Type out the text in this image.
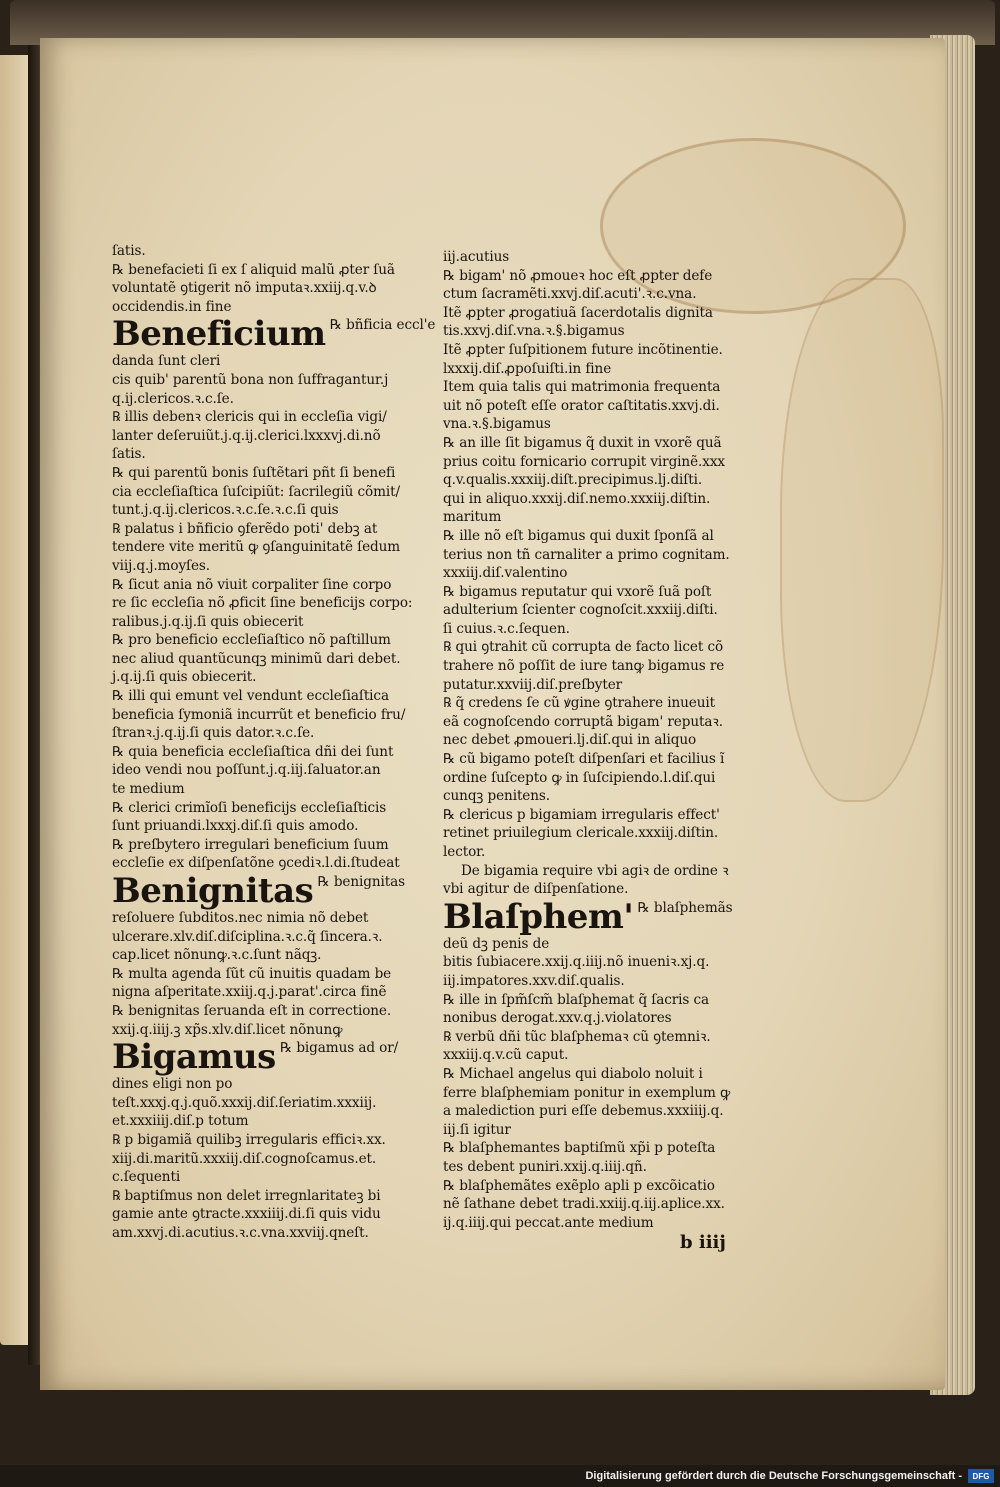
ſatis.
℞ benefacieti ſi ex ſ aliquid malũ ꝓter ſuã
voluntatẽ ꝯtigerit nõ imputaꝛ.xxiij.q.v.ꝺ
occidendis.in fine
Beneficium ℞ bñficia eccl'e
danda ſunt cleri
cis quib' parentũ bona non ſuffragantur.j
q.ij.clericos.ꝛ.c.ſe.
℞ illis debenꝛ clericis qui in eccleſia vigi/
lanter deſeruiũt.j.q.ij.clerici.lxxxvj.di.nõ
ſatis.
℞ qui parentũ bonis ſuſtẽtari pñt ſi benefi
cia eccleſiaſtica ſuſcipiũt: ſacrilegiũ cõmit/
tunt.j.q.ij.clericos.ꝛ.c.ſe.ꝛ.c.ſi quis
℞ palatus i bñficio ꝯferẽdo poti' debꝫ at
tendere vite meritũ ꝙ ꝯſanguinitatẽ ſedum
viij.q.j.moyſes.
℞ ſicut ania nõ viuit corpaliter ſine corpo
re ſic eccleſia nõ ꝓficit ſine beneficijs corpo:
ralibus.j.q.ij.ſi quis obiecerit
℞ pro beneficio eccleſiaſtico nõ paſtillum
nec aliud quantũcunqꝫ minimũ dari debet.
j.q.ij.ſi quis obiecerit.
℞ illi qui emunt vel vendunt eccleſiaſtica
beneficia ſymoniã incurrũt et beneficio fru/
ſtranꝛ.j.q.ij.ſi quis dator.ꝛ.c.ſe.
℞ quia beneficia eccleſiaſtica dñi dei ſunt
ideo vendi nou poſſunt.j.q.iij.ſaluator.an
te medium
℞ clerici crimĩoſi beneficijs eccleſiaſticis
ſunt priuandi.lxxxj.diſ.ſi quis amodo.
℞ preſbytero irregulari beneficium ſuum
eccleſie ex diſpenſatõne ꝯcediꝛ.l.di.ſtudeat
Benignitas ℞ benignitas
reſoluere ſubditos.nec nimia nõ debet
ulcerare.xlv.diſ.diſciplina.ꝛ.c.q̃ ſincera.ꝛ.
cap.licet nõnunꝙ.ꝛ.c.ſunt nãqꝫ.
℞ multa agenda ſũt cũ inuitis quadam be
nigna aſperitate.xxiij.q.j.parat'.circa finẽ
℞ benignitas ſeruanda eſt in correctione.
xxij.q.iiij.ꝫ xp̃s.xlv.diſ.licet nõnunꝙ
Bigamus ℞ bigamus ad or/
dines eligi non po
teſt.xxxj.q.j.quõ.xxxij.diſ.ſeriatim.xxxiij.
et.xxxiiij.diſ.p totum
℞ p bigamiã quilibꝫ irregularis efficiꝛ.xx.
xiij.di.maritũ.xxxiij.diſ.cognoſcamus.et.
c.ſequenti
℞ baptiſmus non delet irregnlaritateꝫ bi
gamie ante ꝯtracte.xxxiiij.di.ſi quis vidu
am.xxvj.di.acutius.ꝛ.c.vna.xxviij.qneſt.
iij.acutius
℞ bigam' nõ ꝓmoueꝛ hoc eſt ꝓpter defe
ctum ſacramẽti.xxvj.diſ.acuti'.ꝛ.c.vna.
Itẽ ꝓpter ꝓrogatiuã ſacerdotalis dignita
tis.xxvj.diſ.vna.ꝛ.§.bigamus
Itẽ ꝓpter ſuſpitionem future incõtinentie.
lxxxij.diſ.ꝓpoſuiſti.in fine
Item quia talis qui matrimonia frequenta
uit nõ poteſt eſſe orator caſtitatis.xxvj.di.
vna.ꝛ.§.bigamus
℞ an ille ſit bigamus q̃ duxit in vxorẽ quã
prius coitu fornicario corrupit virginẽ.xxx
q.v.qualis.xxxiij.diſt.precipimus.lj.diſti.
qui in aliquo.xxxij.diſ.nemo.xxxiij.diſtin.
maritum
℞ ille nõ eſt bigamus qui duxit ſponſã al
terius non tñ carnaliter a primo cognitam.
xxxiij.diſ.valentino
℞ bigamus reputatur qui vxorẽ ſuã poſt
adulterium ſcienter cognoſcit.xxxiij.diſti.
ſi cuius.ꝛ.c.ſequen.
℞ qui ꝯtrahit cũ corrupta de facto licet cõ
trahere nõ poſſit de iure tanꝙ bigamus re
putatur.xxviij.diſ.preſbyter
℞ q̃ credens ſe cũ ꝟgine ꝯtrahere inueuit
eã cognoſcendo corruptã bigam' reputaꝛ.
nec debet ꝓmoueri.lj.diſ.qui in aliquo
℞ cũ bigamo poteſt diſpenſari et facilius ĩ
ordine ſuſcepto ꝙ in ſuſcipiendo.l.diſ.qui
cunqꝫ penitens.
℞ clericus p bigamiam irregularis effect'
retinet priuilegium clericale.xxxiij.diſtin.
lector.
De bigamia require vbi agiꝛ de ordine ꝛ
vbi agitur de diſpenſatione.
Blaſphem' ℞ blaſphemãs
deũ dꝫ penis de
bitis ſubiacere.xxij.q.iiij.nõ inueniꝛ.xj.q.
iij.impatores.xxv.diſ.qualis.
℞ ille in ſpm̃ſcm̃ blaſphemat q̃ ſacris ca
nonibus derogat.xxv.q.j.violatores
℞ verbũ dñi tũc blaſphemaꝛ cũ ꝯtemniꝛ.
xxxiij.q.v.cũ caput.
℞ Michael angelus qui diabolo noluit i
ferre blaſphemiam ponitur in exemplum ꝙ
a malediction puri eſſe debemus.xxxiiij.q.
iij.ſi igitur
℞ blaſphemantes baptiſmũ xp̃i p poteſta
tes debent puniri.xxij.q.iiij.qñ.
℞ blaſphemãtes exẽplo apli p excõicatio
nẽ ſathane debet tradi.xxiij.q.iij.aplice.xx.
ij.q.iiij.qui peccat.ante medium
b iiij
Digitalisierung gefördert durch die Deutsche Forschungsgemeinschaft -	DFG
